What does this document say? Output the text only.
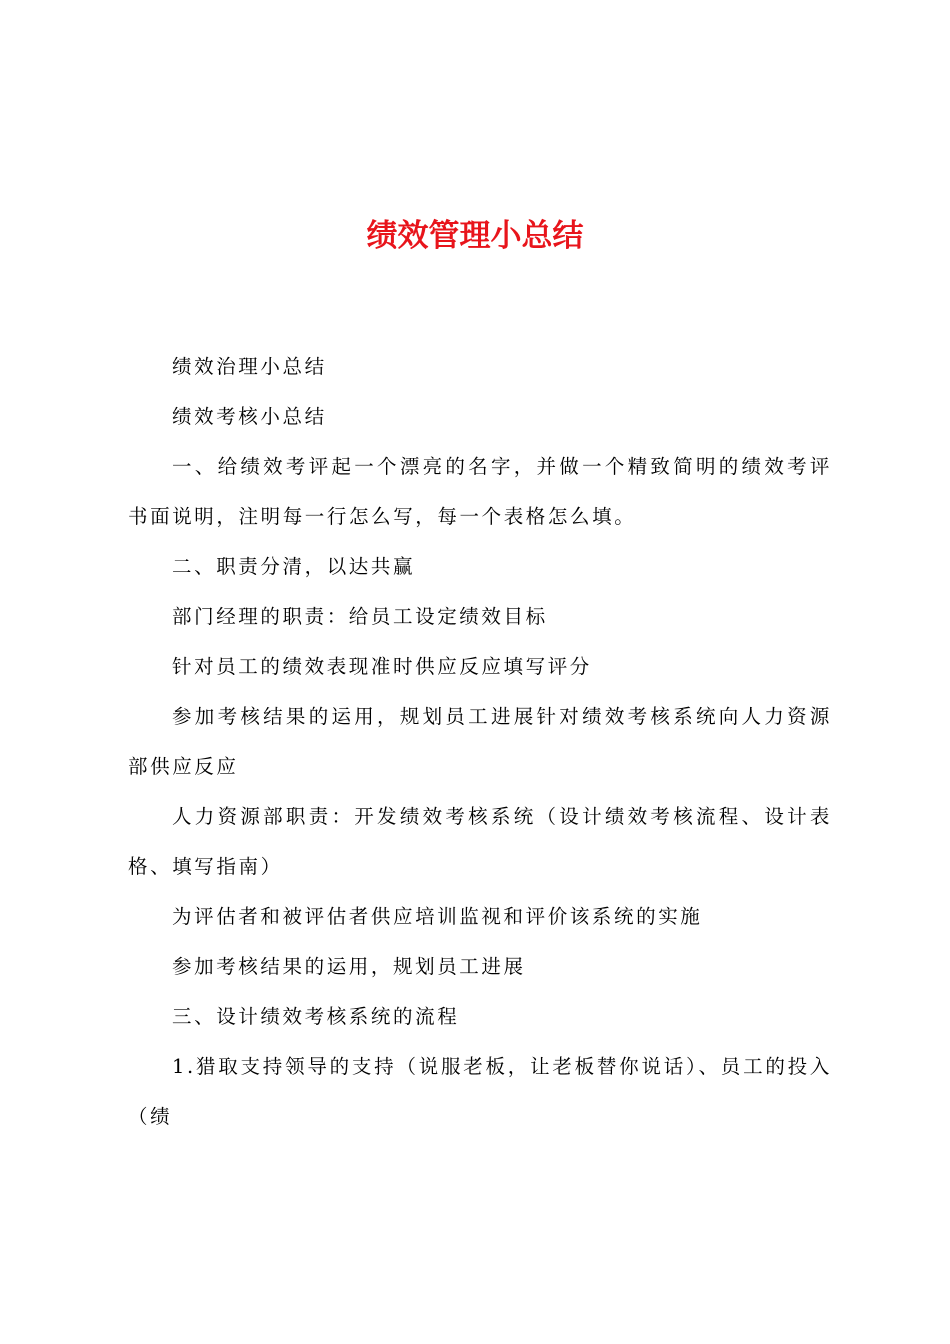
绩效管理小总结

绩效治理小总结

绩效考核小总结

一、给绩效考评起一个漂亮的名字，并做一个精致简明的绩效考评书面说明，注明每一行怎么写，每一个表格怎么填。

二、职责分清，以达共赢

部门经理的职责：给员工设定绩效目标

针对员工的绩效表现准时供应反应填写评分

参加考核结果的运用，规划员工进展针对绩效考核系统向人力资源部供应反应

人力资源部职责：开发绩效考核系统（设计绩效考核流程、设计表格、填写指南）

为评估者和被评估者供应培训监视和评价该系统的实施

参加考核结果的运用，规划员工进展

三、设计绩效考核系统的流程

1.猎取支持领导的支持（说服老板，让老板替你说话）、员工的投入（绩
